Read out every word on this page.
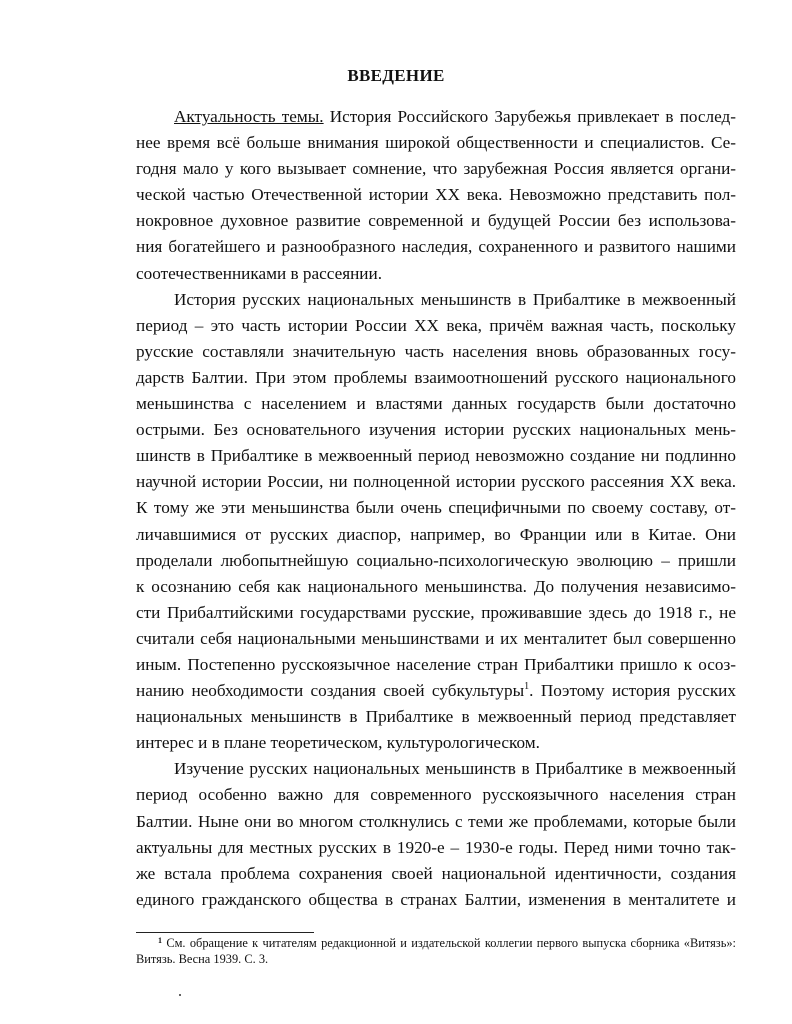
ВВЕДЕНИЕ
Актуальность темы. История Российского Зарубежья привлекает в послед-
нее время всё больше внимания широкой общественности и специалистов. Се-
годня мало у кого вызывает сомнение, что зарубежная Россия является органи-
ческой частью Отечественной истории XX века. Невозможно представить пол-
нокровное духовное развитие современной и будущей России без использова-
ния богатейшего и разнообразного наследия, сохраненного и развитого нашими
соотечественниками в рассеянии.
История русских национальных меньшинств в Прибалтике в межвоенный
период – это часть истории России XX века, причём важная часть, поскольку
русские составляли значительную часть населения вновь образованных госу-
дарств Балтии. При этом проблемы взаимоотношений русского национального
меньшинства с населением и властями данных государств были достаточно
острыми. Без основательного изучения истории русских национальных мень-
шинств в Прибалтике в межвоенный период невозможно создание ни подлинно
научной истории России, ни полноценной истории русского рассеяния XX века.
К тому же эти меньшинства были очень специфичными по своему составу, от-
личавшимися от русских диаспор, например, во Франции или в Китае. Они
проделали любопытнейшую социально-психологическую эволюцию – пришли
к осознанию себя как национального меньшинства. До получения независимо-
сти Прибалтийскими государствами русские, проживавшие здесь до 1918 г., не
считали себя национальными меньшинствами и их менталитет был совершенно
иным. Постепенно русскоязычное население стран Прибалтики пришло к осоз-
нанию необходимости создания своей субкультуры$^1$. Поэтому история русских
национальных меньшинств в Прибалтике в межвоенный период представляет
интерес и в плане теоретическом, культурологическом.
Изучение русских национальных меньшинств в Прибалтике в межвоенный
период особенно важно для современного русскоязычного населения стран
Балтии. Ныне они во многом столкнулись с теми же проблемами, которые были
актуальны для местных русских в 1920-е – 1930-е годы. Перед ними точно так-
же встала проблема сохранения своей национальной идентичности, создания
единого гражданского общества в странах Балтии, изменения в менталитете и
$^1$ См. обращение к читателям редакционной и издательской коллегии первого выпуска сборника «Витязь»:
Витязь. Весна 1939. С. 3.
